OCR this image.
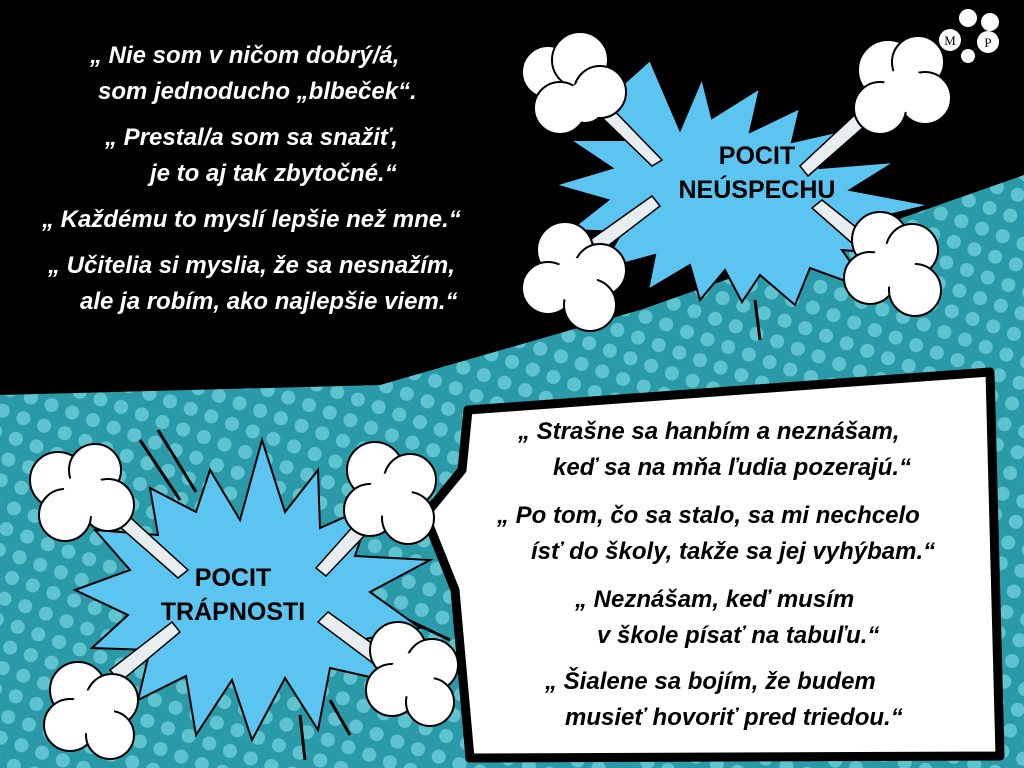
M P
POCIT
NEÚSPECHU
POCIT
TRÁPNOSTI
„ Nie som v ničom dobrý/á,
som jednoducho „blbeček“.
„ Prestal/a som sa snažiť,
je to aj tak zbytočné.“
„ Každému to myslí lepšie než mne.“
„ Učitelia si myslia, že sa nesnažím,
ale ja robím, ako najlepšie viem.“
„ Strašne sa hanbím a neznášam,
keď sa na mňa ľudia pozerajú.“
„ Po tom, čo sa stalo, sa mi nechcelo
ísť do školy, takže sa jej vyhýbam.“
„ Neznášam, keď musím
v škole písať na tabuľu.“
„ Šialene sa bojím, že budem
musieť hovoriť pred triedou.“
